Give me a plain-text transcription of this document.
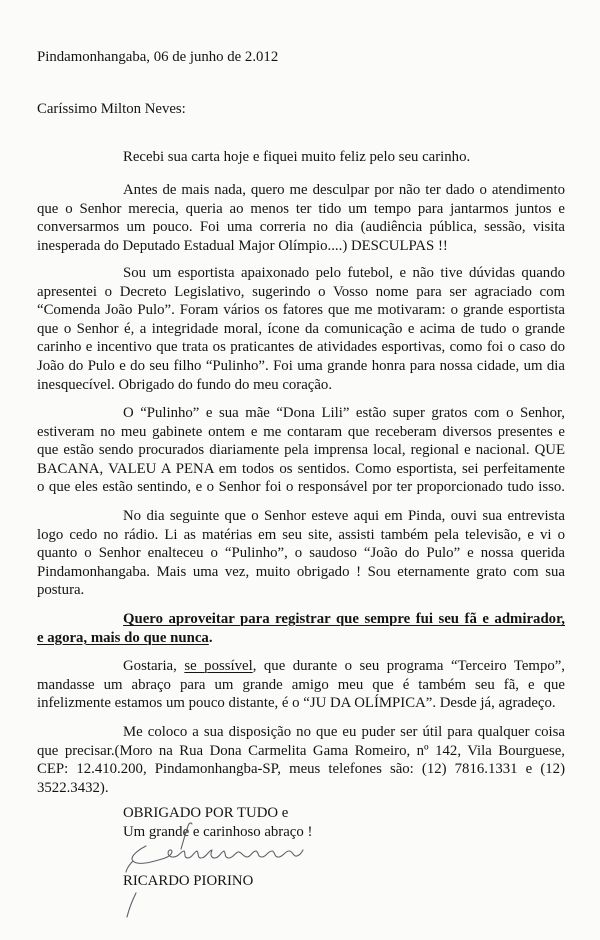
Pindamonhangaba, 06 de junho de 2.012
Caríssimo Milton Neves:
Recebi sua carta hoje e fiquei muito feliz pelo seu carinho.
Antes de mais nada, quero me desculpar por não ter dado o atendimento
que o Senhor merecia, queria ao menos ter tido um tempo para jantarmos juntos e
conversarmos um pouco. Foi uma correria no dia (audiência pública, sessão, visita
inesperada do Deputado Estadual Major Olímpio....) DESCULPAS !!
Sou um esportista apaixonado pelo futebol, e não tive dúvidas quando
apresentei o Decreto Legislativo, sugerindo o Vosso nome para ser agraciado com
“Comenda João Pulo”. Foram vários os fatores que me motivaram: o grande esportista
que o Senhor é, a integridade moral, ícone da comunicação e acima de tudo o grande
carinho e incentivo que trata os praticantes de atividades esportivas, como foi o caso do
João do Pulo e do seu filho “Pulinho”. Foi uma grande honra para nossa cidade, um dia
inesquecível. Obrigado do fundo do meu coração.
O “Pulinho” e sua mãe “Dona Lili” estão super gratos com o Senhor,
estiveram no meu gabinete ontem e me contaram que receberam diversos presentes e
que estão sendo procurados diariamente pela imprensa local, regional e nacional. QUE
BACANA, VALEU A PENA em todos os sentidos. Como esportista, sei perfeitamente
o que eles estão sentindo, e o Senhor foi o responsável por ter proporcionado tudo isso.
No dia seguinte que o Senhor esteve aqui em Pinda, ouvi sua entrevista
logo cedo no rádio. Li as matérias em seu site, assisti também pela televisão, e vi o
quanto o Senhor enalteceu o “Pulinho”, o saudoso “João do Pulo” e nossa querida
Pindamonhangaba. Mais uma vez, muito obrigado ! Sou eternamente grato com sua
postura.
Quero aproveitar para registrar que sempre fui seu fã e admirador,
e agora, mais do que nunca.
Gostaria, se possível, que durante o seu programa “Terceiro Tempo”,
mandasse um abraço para um grande amigo meu que é também seu fã, e que
infelizmente estamos um pouco distante, é o “JU DA OLÍMPICA”. Desde já, agradeço.
Me coloco a sua disposição no que eu puder ser útil para qualquer coisa
que precisar.(Moro na Rua Dona Carmelita Gama Romeiro, nº 142, Vila Bourguese,
CEP: 12.410.200, Pindamonhangba-SP, meus telefones são: (12) 7816.1331 e (12)
3522.3432).
OBRIGADO POR TUDO e
Um grande e carinhoso abraço !
RICARDO PIORINO
